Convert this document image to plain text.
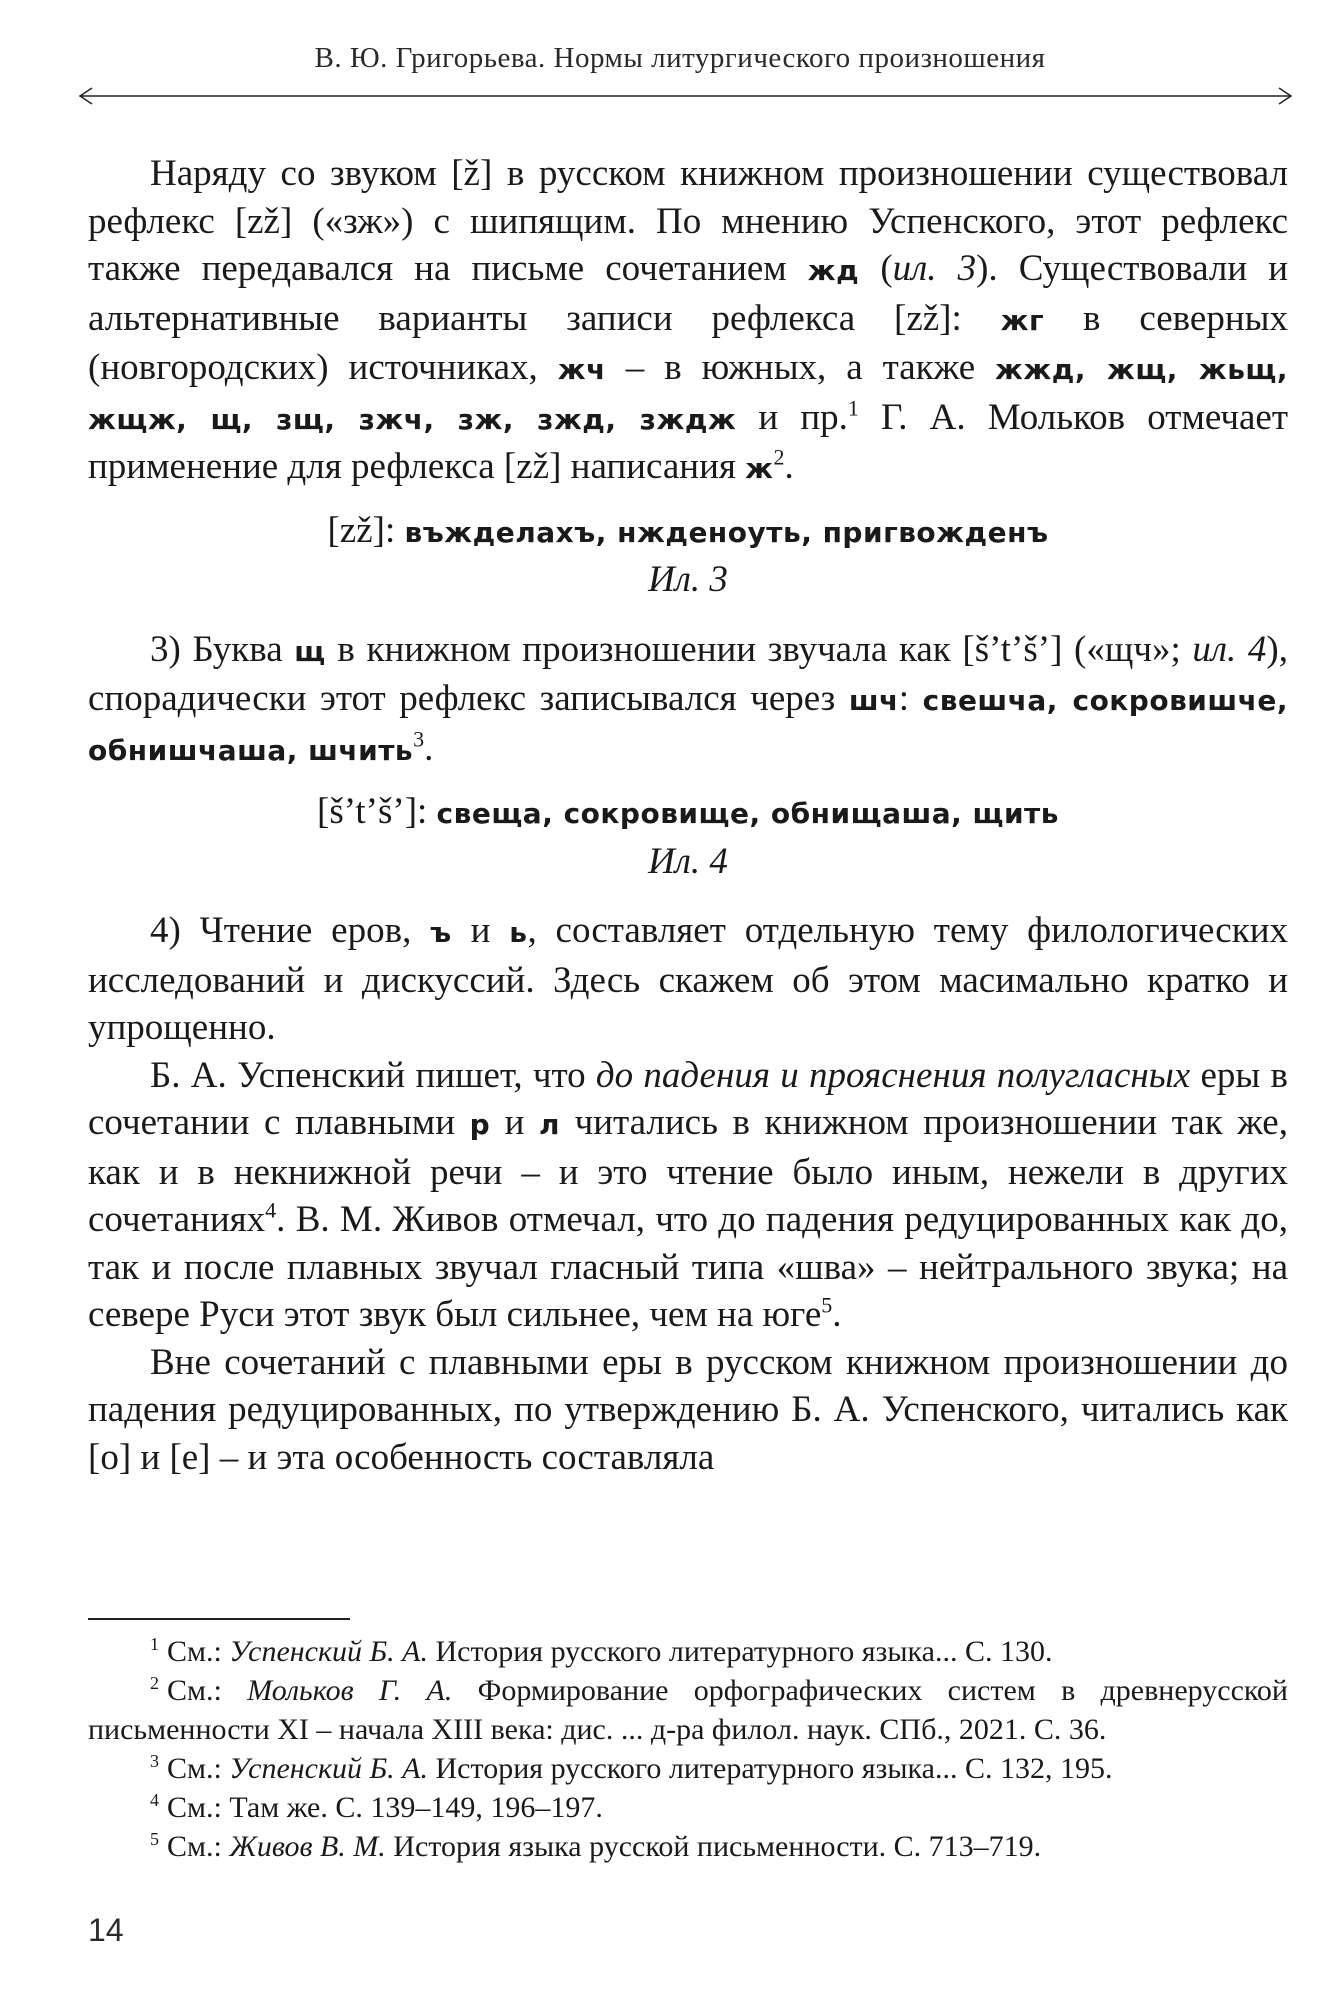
В. Ю. Григорьева. Нормы литургического произношения

Наряду со звуком [ž] в русском книжном произношении существовал рефлекс [zž] («зж») с шипящим. По мнению Успенского, этот рефлекс также передавался на письме сочетанием жд (ил. 3). Существовали и альтернативные варианты записи рефлекса [zž]: жг в северных (новгородских) источниках, жч – в южных, а также жжд, жщ, жьщ, жщж, щ, зщ, зжч, зж, зжд, зждж и пр.$^1$ Г. А. Мольков отмечает применение для рефлекса [zž] написания $ж^2$.

[zž]: въжделахъ, нжденоуть, пригвожденъ

Ил. 3

3) Буква щ в книжном произношении звучала как [š’t’š’] («щч»; ил. 4), спорадически этот рефлекс записывался через шч: свешча, сокровишче, обнишчаша, шчить$^3$.

[š’t’š’]: свеща, сокровище, обнищаша, щить

Ил. 4

4) Чтение еров, ъ и ь, составляет отдельную тему филологических исследований и дискуссий. Здесь скажем об этом масимально кратко и упрощенно.

Б. А. Успенский пишет, что до падения и прояснения полугласных еры в сочетании с плавными р и л читались в книжном произношении так же, как и в некнижной речи – и это чтение было иным, нежели в других сочетаниях$^4$. В. М. Живов отмечал, что до падения редуцированных как до, так и после плавных звучал гласный типа «шва» – нейтрального звука; на севере Руси этот звук был сильнее, чем на юге$^5$.

Вне сочетаний с плавными еры в русском книжном произношении до падения редуцированных, по утверждению Б. А. Успенского, читались как [о] и [е] – и эта особенность составляла

$^1$ См.: Успенский Б. А. История русского литературного языка... С. 130.

$^2$ См.: Мольков Г. А. Формирование орфографических систем в древнерусской письменности XI – начала XIII века: дис. ... д-ра филол. наук. СПб., 2021. С. 36.

$^3$ См.: Успенский Б. А. История русского литературного языка... С. 132, 195.

$^4$ См.: Там же. С. 139–149, 196–197.

$^5$ См.: Живов В. М. История языка русской письменности. С. 713–719.

14
